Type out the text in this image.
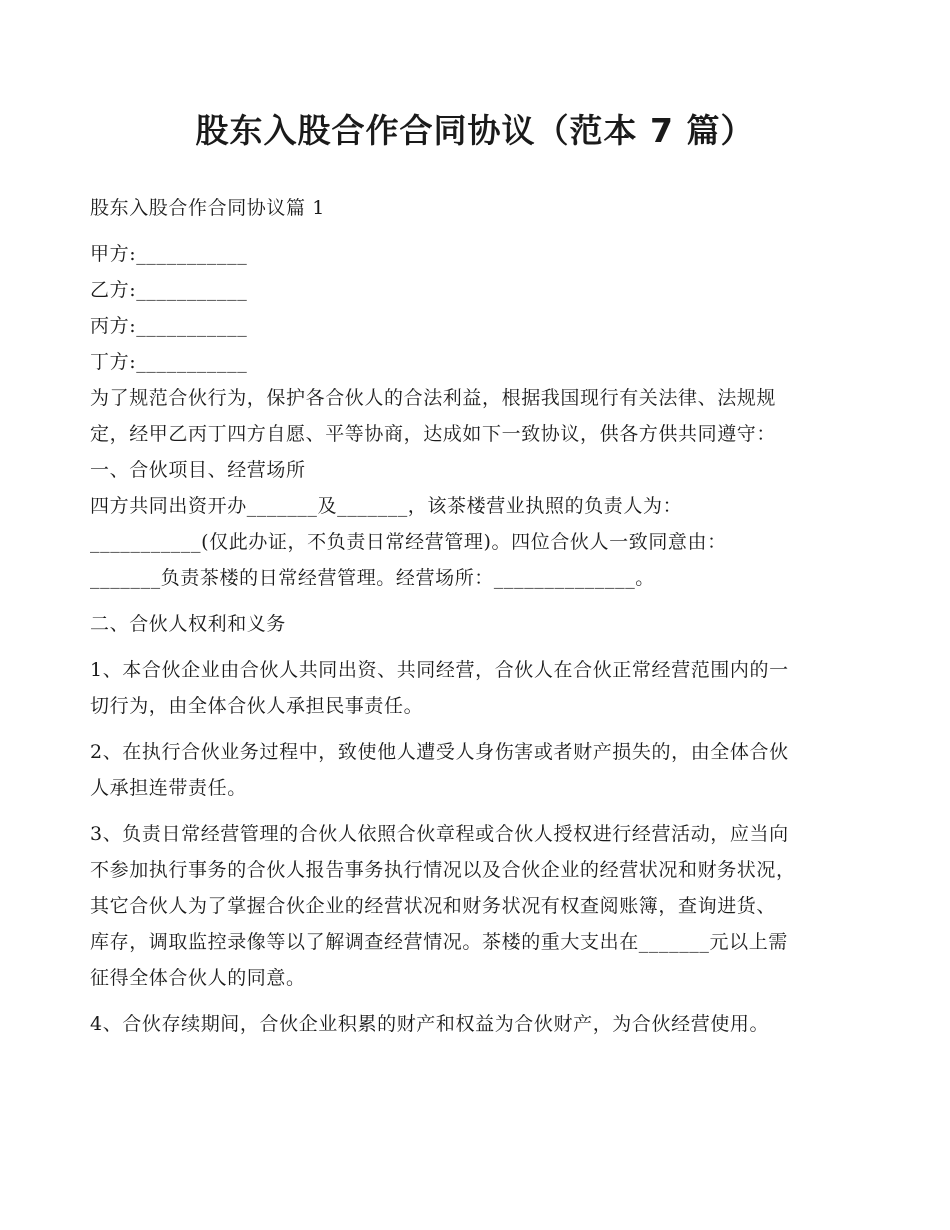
股东入股合作合同协议（范本 7 篇）

股东入股合作合同协议篇 1

甲方:___________

乙方:___________

丙方:___________

丁方:___________

为了规范合伙行为，保护各合伙人的合法利益，根据我国现行有关法律、法规规

定，经甲乙丙丁四方自愿、平等协商，达成如下一致协议，供各方供共同遵守：

一、合伙项目、经营场所

四方共同出资开办_______及_______，该茶楼营业执照的负责人为：

___________(仅此办证，不负责日常经营管理)。四位合伙人一致同意由：

_______负责茶楼的日常经营管理。经营场所：______________。

二、合伙人权利和义务

1、本合伙企业由合伙人共同出资、共同经营，合伙人在合伙正常经营范围内的一

切行为，由全体合伙人承担民事责任。

2、在执行合伙业务过程中，致使他人遭受人身伤害或者财产损失的，由全体合伙

人承担连带责任。

3、负责日常经营管理的合伙人依照合伙章程或合伙人授权进行经营活动，应当向

不参加执行事务的合伙人报告事务执行情况以及合伙企业的经营状况和财务状况，

其它合伙人为了掌握合伙企业的经营状况和财务状况有权查阅账簿，查询进货、

库存，调取监控录像等以了解调查经营情况。茶楼的重大支出在_______元以上需

征得全体合伙人的同意。

4、合伙存续期间，合伙企业积累的财产和权益为合伙财产，为合伙经营使用。
